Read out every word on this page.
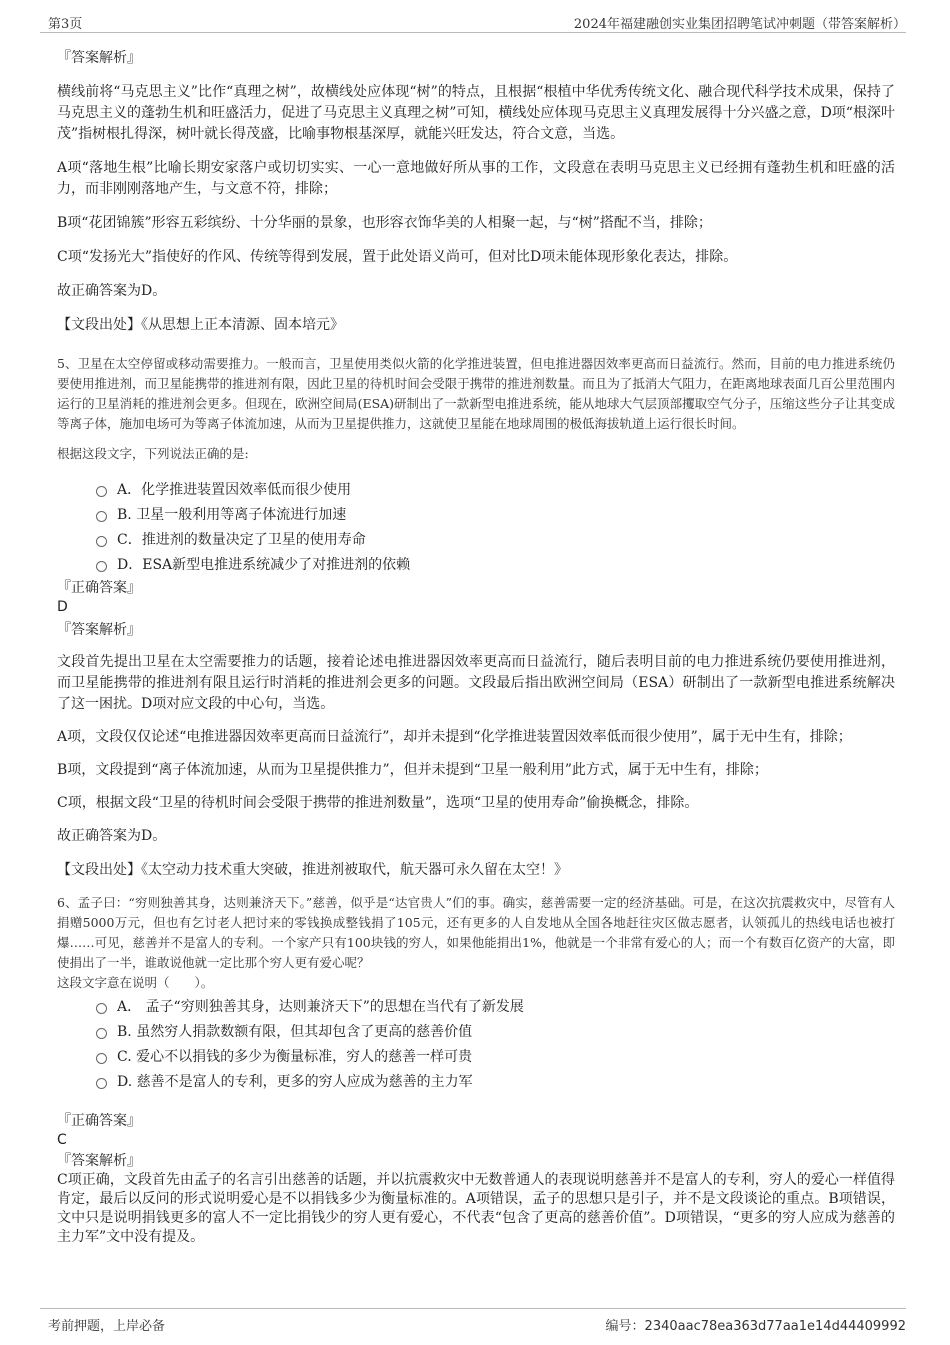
第3页	2024年福建融创实业集团招聘笔试冲刺题（带答案解析）

『答案解析』

横线前将“马克思主义”比作“真理之树”，故横线处应体现“树”的特点，且根据“根植中华优秀传统文化、融合现代科学技术成果，保持了马克思主义的蓬勃生机和旺盛活力，促进了马克思主义真理之树”可知，横线处应体现马克思主义真理发展得十分兴盛之意，D项“根深叶茂”指树根扎得深，树叶就长得茂盛，比喻事物根基深厚，就能兴旺发达，符合文意，当选。

A项“落地生根”比喻长期安家落户或切切实实、一心一意地做好所从事的工作，文段意在表明马克思主义已经拥有蓬勃生机和旺盛的活力，而非刚刚落地产生，与文意不符，排除；

B项“花团锦簇”形容五彩缤纷、十分华丽的景象，也形容衣饰华美的人相聚一起，与“树”搭配不当，排除；

C项“发扬光大”指使好的作风、传统等得到发展，置于此处语义尚可，但对比D项未能体现形象化表达，排除。

故正确答案为D。

【文段出处】《从思想上正本清源、固本培元》

5、卫星在太空停留或移动需要推力。一般而言，卫星使用类似火箭的化学推进装置，但电推进器因效率更高而日益流行。然而，目前的电力推进系统仍要使用推进剂，而卫星能携带的推进剂有限，因此卫星的待机时间会受限于携带的推进剂数量。而且为了抵消大气阻力，在距离地球表面几百公里范围内运行的卫星消耗的推进剂会更多。但现在，欧洲空间局(ESA)研制出了一款新型电推进系统，能从地球大气层顶部攫取空气分子，压缩这些分子让其变成等离子体，施加电场可为等离子体流加速，从而为卫星提供推力，这就使卫星能在地球周围的极低海拔轨道上运行很长时间。

根据这段文字，下列说法正确的是:

A．化学推进装置因效率低而很少使用
B. 卫星一般利用等离子体流进行加速
C．推进剂的数量决定了卫星的使用寿命
D．ESA新型电推进系统减少了对推进剂的依赖

『正确答案』

D

『答案解析』

文段首先提出卫星在太空需要推力的话题，接着论述电推进器因效率更高而日益流行，随后表明目前的电力推进系统仍要使用推进剂，而卫星能携带的推进剂有限且运行时消耗的推进剂会更多的问题。文段最后指出欧洲空间局（ESA）研制出了一款新型电推进系统解决了这一困扰。D项对应文段的中心句，当选。

A项，文段仅仅论述“电推进器因效率更高而日益流行”，却并未提到“化学推进装置因效率低而很少使用”，属于无中生有，排除；

B项，文段提到“离子体流加速，从而为卫星提供推力”，但并未提到“卫星一般利用”此方式，属于无中生有，排除；

C项，根据文段“卫星的待机时间会受限于携带的推进剂数量”，选项“卫星的使用寿命”偷换概念，排除。

故正确答案为D。

【文段出处】《太空动力技术重大突破，推进剂被取代，航天器可永久留在太空！》

6、孟子曰：“穷则独善其身，达则兼济天下。”慈善，似乎是“达官贵人”们的事。确实，慈善需要一定的经济基础。可是，在这次抗震救灾中，尽管有人捐赠5000万元，但也有乞讨老人把讨来的零钱换成整钱捐了105元，还有更多的人自发地从全国各地赶往灾区做志愿者，认领孤儿的热线电话也被打爆……可见，慈善并不是富人的专利。一个家产只有100块钱的穷人，如果他能捐出1%，他就是一个非常有爱心的人；而一个有数百亿资产的大富，即使捐出了一半，谁敢说他就一定比那个穷人更有爱心呢？

这段文字意在说明（　　）。

A． 孟子“穷则独善其身，达则兼济天下”的思想在当代有了新发展
B. 虽然穷人捐款数额有限，但其却包含了更高的慈善价值
C. 爱心不以捐钱的多少为衡量标准，穷人的慈善一样可贵
D. 慈善不是富人的专利，更多的穷人应成为慈善的主力军

『正确答案』

C

『答案解析』

C项正确，文段首先由孟子的名言引出慈善的话题，并以抗震救灾中无数普通人的表现说明慈善并不是富人的专利，穷人的爱心一样值得肯定，最后以反问的形式说明爱心是不以捐钱多少为衡量标准的。A项错误，孟子的思想只是引子，并不是文段谈论的重点。B项错误，文中只是说明捐钱更多的富人不一定比捐钱少的穷人更有爱心，不代表“包含了更高的慈善价值”。D项错误，“更多的穷人应成为慈善的主力军”文中没有提及。

考前押题，上岸必备	编号：2340aac78ea363d77aa1e14d44409992
